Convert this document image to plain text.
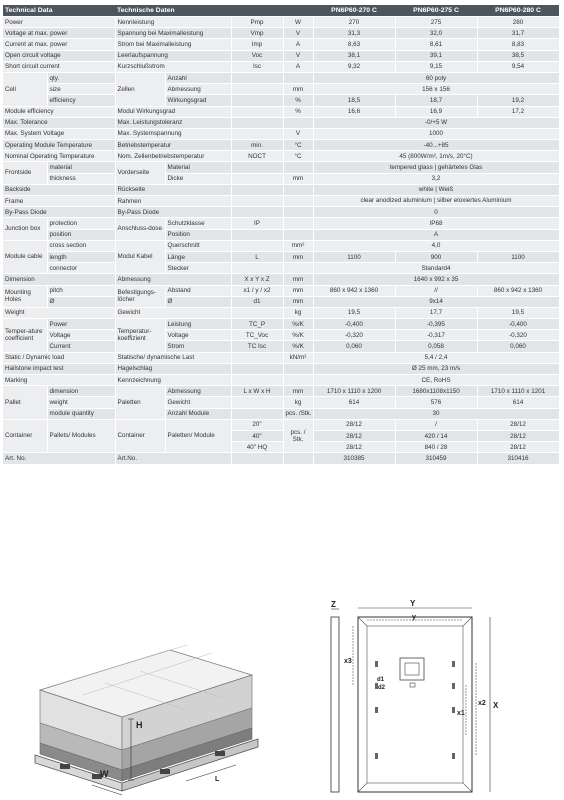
Technical Data		Technische Daten				PN6P60-270 C	PN6P60-275 C	PN6P60-280 C
Power		Nennleistung		Pmp	W	270	275	280
Voltage at max. power		Spannung bei Maximalleistung		Vmp	V	31,3	32,0	31,7
Current at max. power		Strom bei Maximalleistung		Imp	A	8,63	8,61	8,83
Open circuit voltage		Leerlaufspannung		Voc	V	38,1	39,1	38,5
Short circuit current		Kurzschlußstrom		Isc	A	9,32	9,15	9,54
Cell	qty.	Zellen	Anzahl			60 poly		
	size		Abmessung		mm	156 x 156		
	efficiency		Wirkungsgrad		%	18,5	18,7	19,2
Module efficiency		Modul Wirkungsgrad			%	16,6	16,9	17,2
Max. Tolerance		Max. Leistungstoleranz				-0/+5 W		
Max. System Voltage		Max. Systemspannung			V	1000		
Operating Module Temperature		Betriebstemperatur		min.	°C	-40...+85		
Nominal Operating Temperature		Nom. Zellenbetriebstemperatur		NOCT	°C	45 (800W/m², 1m/s, 20°C)		
Frontside	material	Vorderseite	Material			tempered glass | gehärtetes Glas		
	thickness		Dicke		mm	3,2		
Backside		Rückseite				white | Weiß		
Frame		Rahmen				clear anodized aluminium | silber eloxiertes Aluminium		
By-Pass Diode		By-Pass Diode				0		
Junction box	protection	Anschluss-dose	Schutzklasse	IP		IP68		
	position		Position			A		
Module cable	cross section	Modul Kabel	Querschnitt		mm²	4,0		
	length		Länge	L	mm	1100	900	1100
	connector		Stecker			Standard4		
Dimension		Abmessung		X x Y x Z	mm	1640 x 992 x 35		
Mounting Holes	pitch	Befestigungs-löcher	Abstand	x1 / y / x2	mm	860 x 942 x 1360	//	860 x 942 x 1360
	Ø		Ø	d1	mm	9x14		
Weight		Gewicht			kg	19,5	17,7	19,5
Temper-ature coefficient	Power	Temperatur-koeffizient	Leistung	TC_P	%/K	-0,400	-0,395	-0,400
	Voltage		Voltage	TC_Voc	%/K	-0,320	-0,317	-0,320
	Current		Strom	TC Isc	%/K	0,060	0,058	0,060
Static / Dynamic load		Statische/ dynamische Last			kN/m²	5,4 / 2,4		
Hailstone impact test		Hagelschlag				Ø 25 mm, 23 m/s		
Marking		Kennzeichnung				CE, RoHS		
Pallet	dimension	Paletten	Abmessung	L x W x H	mm	1710 x 1110 x 1200	1680x1108x1150	1710 x 1110 x 1201
	weight		Gewicht		kg	614	576	614
	module quantity		Anzahl Module		pcs. /Stk.	30		
Container	Pallets/ Modules	Container	Paletten/ Module	20"	pcs. / Stk.	28/12	/	28/12
				40"		28/12	420 / 14	28/12
				40" HQ		28/12	840 / 28	28/12
Art. No.		Art.No.				310385	310459	310416
H
W
L
Z	Y
y
X
x2
x1
x3
d1
d2
